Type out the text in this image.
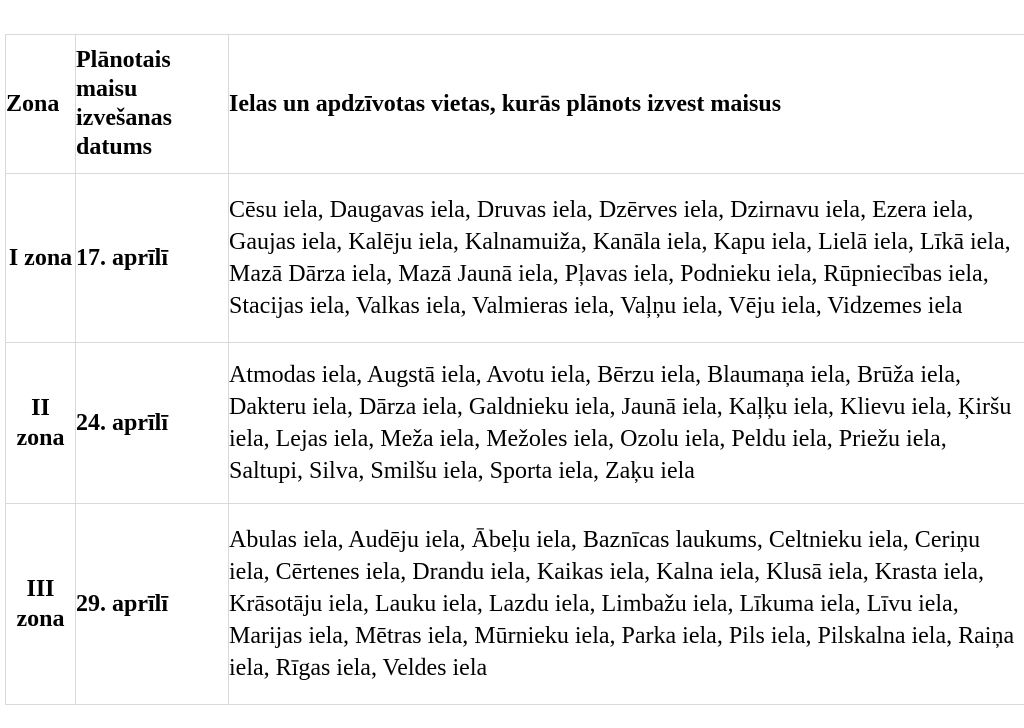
Zona	Plānotais maisu izvešanas datums	Ielas un apdzīvotas vietas, kurās plānots izvest maisus
I zona	17. aprīlī	Cēsu iela, Daugavas iela, Druvas iela, Dzērves iela, Dzirnavu iela, Ezera iela, Gaujas iela, Kalēju iela, Kalnamuiža, Kanāla iela, Kapu iela, Lielā iela, Līkā iela, Mazā Dārza iela, Mazā Jaunā iela, Pļavas iela, Podnieku iela, Rūpniecības iela, Stacijas iela, Valkas iela, Valmieras iela, Vaļņu iela, Vēju iela, Vidzemes iela
II zona	24. aprīlī	Atmodas iela, Augstā iela, Avotu iela, Bērzu iela, Blaumaņa iela, Brūža iela, Dakteru iela, Dārza iela, Galdnieku iela, Jaunā iela, Kaļķu iela, Klievu iela, Ķiršu iela, Lejas iela, Meža iela, Mežoles iela, Ozolu iela, Peldu iela, Priežu iela, Saltupi, Silva, Smilšu iela, Sporta iela, Zaķu iela
III zona	29. aprīlī	Abulas iela, Audēju iela, Ābeļu iela, Baznīcas laukums, Celtnieku iela, Ceriņu iela, Cērtenes iela, Drandu iela, Kaikas iela, Kalna iela, Klusā iela, Krasta iela, Krāsotāju iela, Lauku iela, Lazdu iela, Limbažu iela, Līkuma iela, Līvu iela, Marijas iela, Mētras iela, Mūrnieku iela, Parka iela, Pils iela, Pilskalna iela, Raiņa iela, Rīgas iela, Veldes iela
